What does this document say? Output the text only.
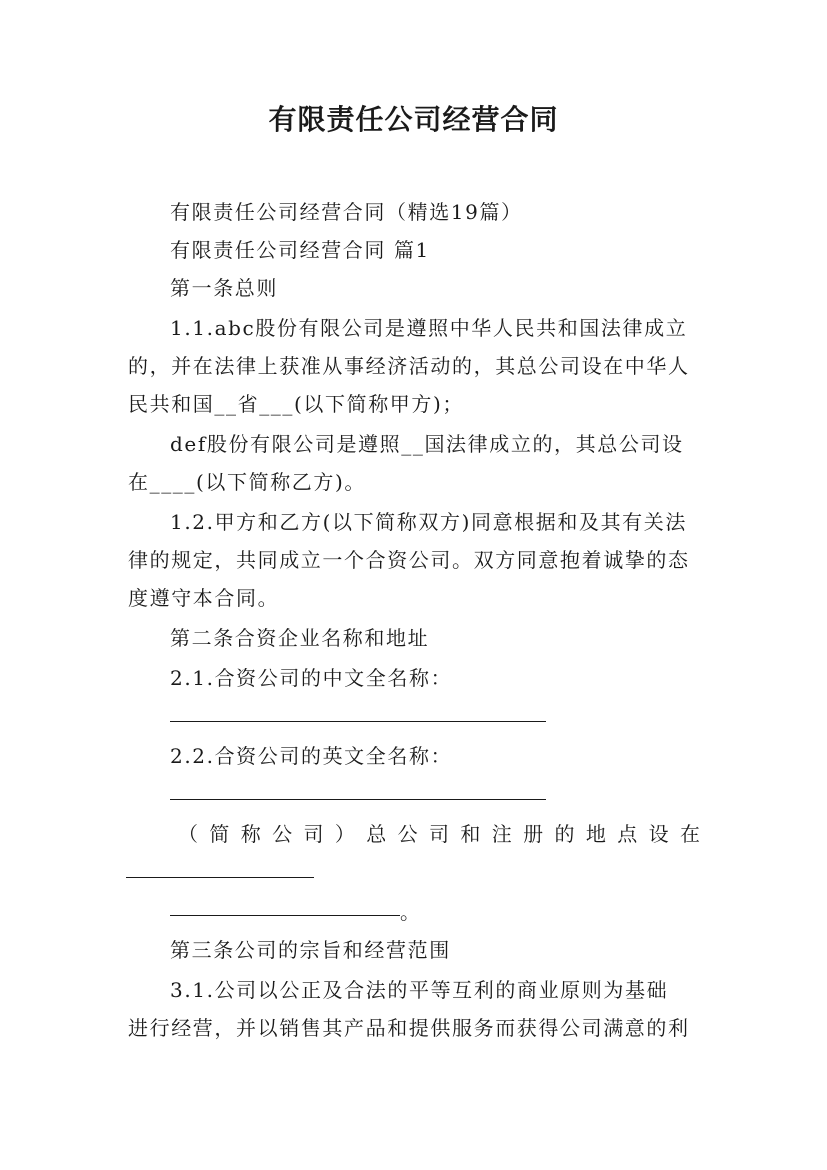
有限责任公司经营合同
有限责任公司经营合同（精选19篇）
有限责任公司经营合同 篇1
第一条总则
1.1.abc股份有限公司是遵照中华人民共和国法律成立
的，并在法律上获准从事经济活动的，其总公司设在中华人
民共和国__省___(以下简称甲方)；
def股份有限公司是遵照__国法律成立的，其总公司设
在____(以下简称乙方)。
1.2.甲方和乙方(以下简称双方)同意根据和及其有关法
律的规定，共同成立一个合资公司。双方同意抱着诚挚的态
度遵守本合同。
第二条合资企业名称和地址
2.1.合资公司的中文全名称：
2.2.合资公司的英文全名称：
（简称公司）总公司和注册的地点设在
。
第三条公司的宗旨和经营范围
3.1.公司以公正及合法的平等互利的商业原则为基础
进行经营，并以销售其产品和提供服务而获得公司满意的利
